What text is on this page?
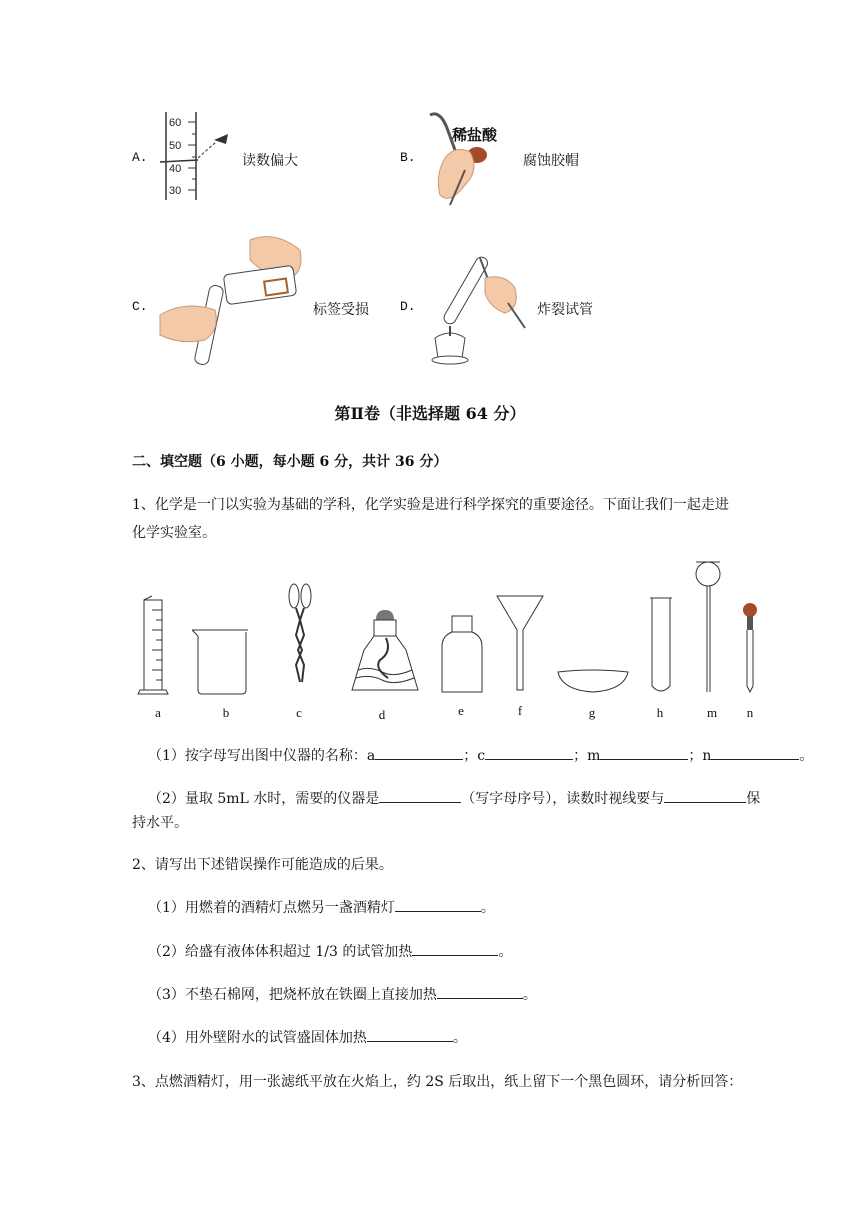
A.
60
50
40
30
读数偏大	B.
稀盐酸
腐蚀胶帽
C.	标签受损 D.	炸裂试管
第Ⅱ卷（非选择题 64 分）
二、填空题（6 小题，每小题 6 分，共计 36 分）
1、化学是一门以实验为基础的学科，化学实验是进行科学探究的重要途径。下面让我们一起走进
化学实验室。
a	b	c	d	e	f	g	h	m	n
（1）按字母写出图中仪器的名称：a	；c	；m	；n	。
（2）量取 5mL 水时，需要的仪器是	（写字母序号），读数时视线要与	保
持水平。
2、请写出下述错误操作可能造成的后果。
（1）用燃着的酒精灯点燃另一盏酒精灯	。
（2）给盛有液体体积超过 1/3 的试管加热	。
（3）不垫石棉网，把烧杯放在铁圈上直接加热	。
（4）用外壁附水的试管盛固体加热	。
3、点燃酒精灯，用一张滤纸平放在火焰上，约 2S 后取出，纸上留下一个黑色圆环，请分析回答：
